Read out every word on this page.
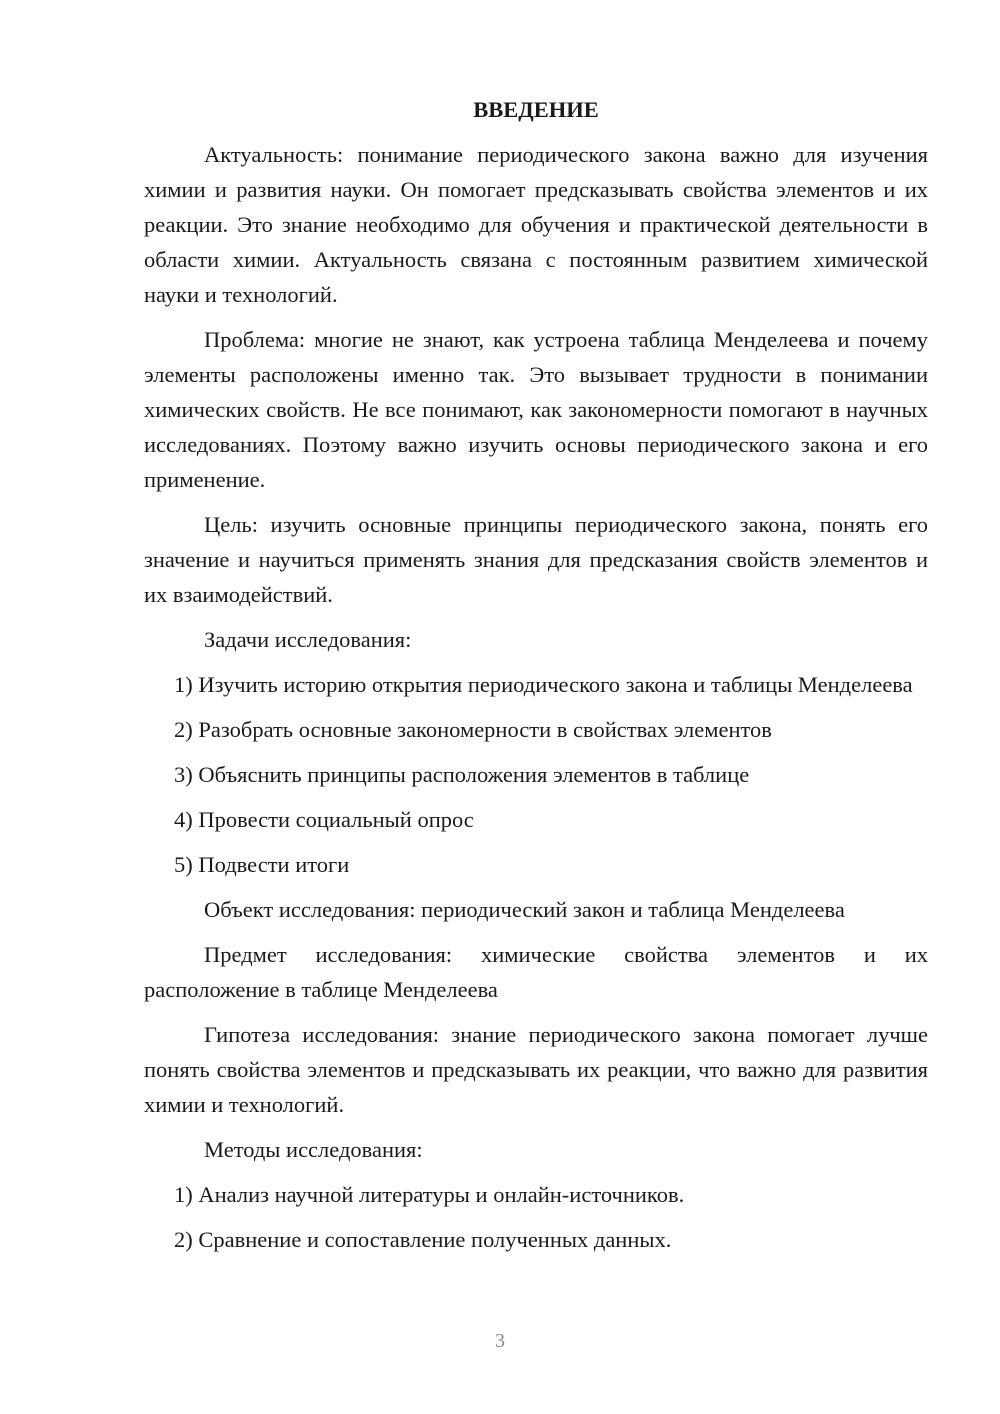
ВВЕДЕНИЕ
Актуальность: понимание периодического закона важно для изучения химии и развития науки. Он помогает предсказывать свойства элементов и их реакции. Это знание необходимо для обучения и практической деятельности в области химии. Актуальность связана с постоянным развитием химической науки и технологий.
Проблема: многие не знают, как устроена таблица Менделеева и почему элементы расположены именно так. Это вызывает трудности в понимании химических свойств. Не все понимают, как закономерности помогают в научных исследованиях. Поэтому важно изучить основы периодического закона и его применение.
Цель: изучить основные принципы периодического закона, понять его значение и научиться применять знания для предсказания свойств элементов и их взаимодействий.
Задачи исследования:
1) Изучить историю открытия периодического закона и таблицы Менделеева
2) Разобрать основные закономерности в свойствах элементов
3) Объяснить принципы расположения элементов в таблице
4) Провести социальный опрос
5) Подвести итоги
Объект исследования: периодический закон и таблица Менделеева
Предмет исследования: химические свойства элементов и их расположение в таблице Менделеева
Гипотеза исследования: знание периодического закона помогает лучше понять свойства элементов и предсказывать их реакции, что важно для развития химии и технологий.
Методы исследования:
1) Анализ научной литературы и онлайн-источников.
2) Сравнение и сопоставление полученных данных.
3
